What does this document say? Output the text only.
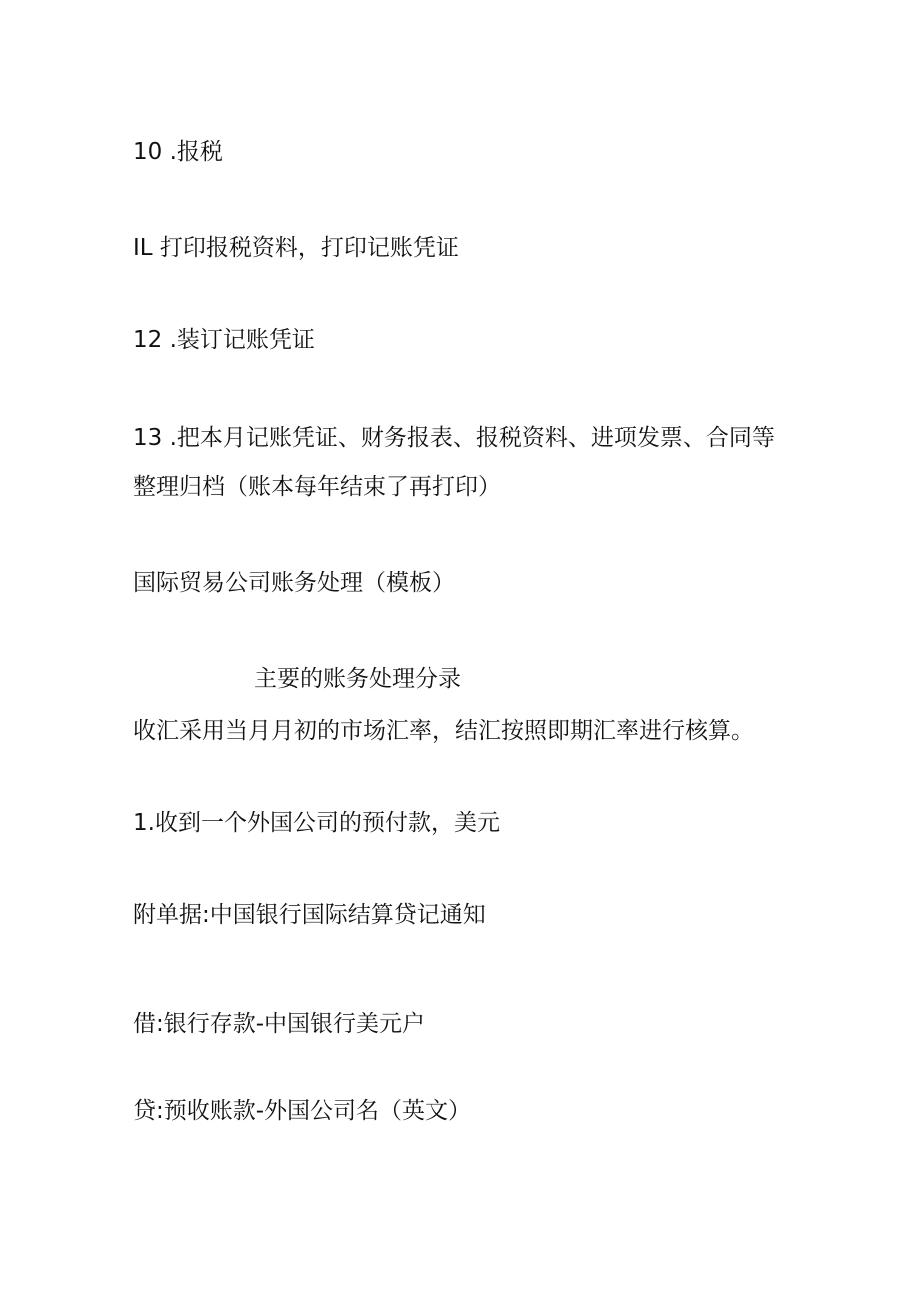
10 .报税

IL 打印报税资料，打印记账凭证

12 .装订记账凭证

13 .把本月记账凭证、财务报表、报税资料、进项发票、合同等

整理归档（账本每年结束了再打印）

国际贸易公司账务处理（模板）

主要的账务处理分录

收汇采用当月月初的市场汇率，结汇按照即期汇率进行核算。

1.收到一个外国公司的预付款，美元

附单据:中国银行国际结算贷记通知

借:银行存款-中国银行美元户

贷:预收账款-外国公司名（英文）
